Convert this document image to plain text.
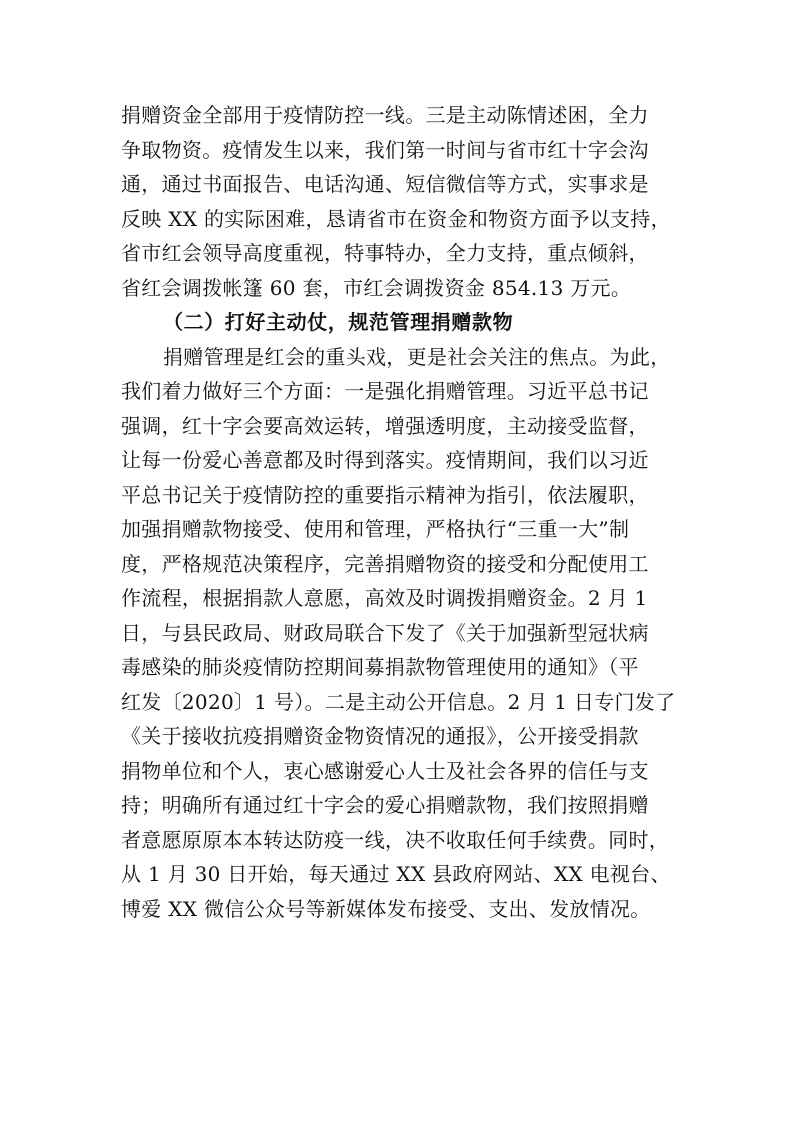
捐赠资金全部用于疫情防控一线。三是主动陈情述困，全力
争取物资。疫情发生以来，我们第一时间与省市红十字会沟
通，通过书面报告、电话沟通、短信微信等方式，实事求是
反映 XX 的实际困难，恳请省市在资金和物资方面予以支持，
省市红会领导高度重视，特事特办，全力支持，重点倾斜，
省红会调拨帐篷 60 套，市红会调拨资金 854.13 万元。
（二）打好主动仗，规范管理捐赠款物
捐赠管理是红会的重头戏，更是社会关注的焦点。为此，
我们着力做好三个方面：一是强化捐赠管理。习近平总书记
强调，红十字会要高效运转，增强透明度，主动接受监督，
让每一份爱心善意都及时得到落实。疫情期间，我们以习近
平总书记关于疫情防控的重要指示精神为指引，依法履职，
加强捐赠款物接受、使用和管理，严格执行“三重一大”制
度，严格规范决策程序，完善捐赠物资的接受和分配使用工
作流程，根据捐款人意愿，高效及时调拨捐赠资金。2 月 1
日，与县民政局、财政局联合下发了《关于加强新型冠状病
毒感染的肺炎疫情防控期间募捐款物管理使用的通知》（平
红发〔2020〕1 号）。二是主动公开信息。2 月 1 日专门发了
《关于接收抗疫捐赠资金物资情况的通报》，公开接受捐款
捐物单位和个人，衷心感谢爱心人士及社会各界的信任与支
持；明确所有通过红十字会的爱心捐赠款物，我们按照捐赠
者意愿原原本本转达防疫一线，决不收取任何手续费。同时，
从 1 月 30 日开始，每天通过 XX 县政府网站、XX 电视台、
博爱 XX 微信公众号等新媒体发布接受、支出、发放情况。
